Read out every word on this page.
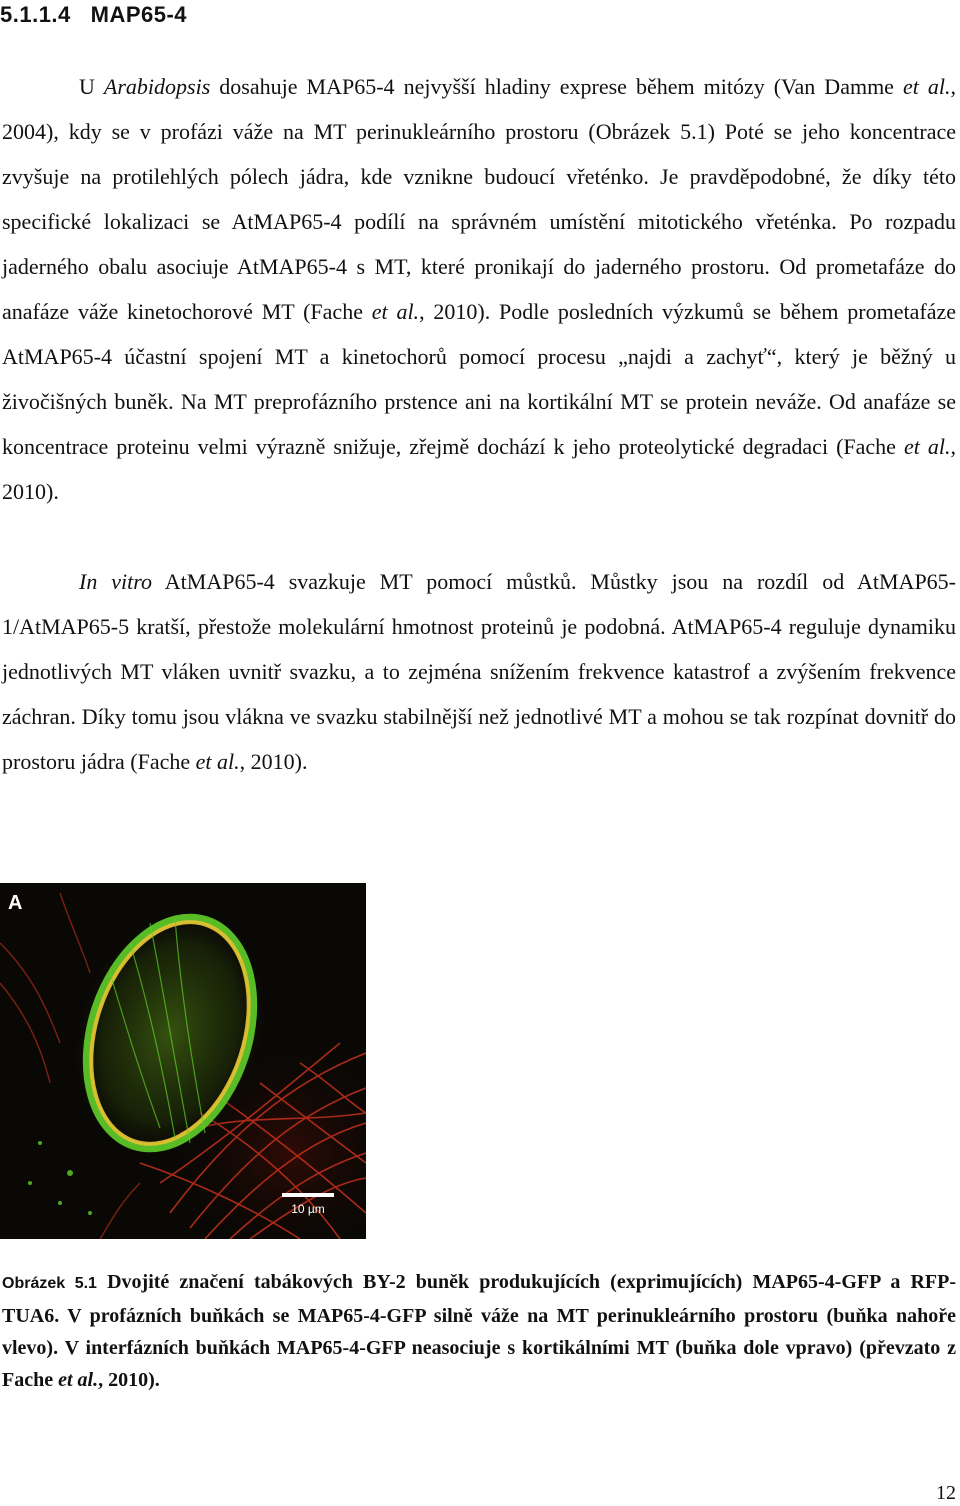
5.1.1.4 MAP65-4
U Arabidopsis dosahuje MAP65-4 nejvyšší hladiny exprese během mitózy (Van Damme et al., 2004), kdy se v profázi váže na MT perinukleárního prostoru (Obrázek 5.1) Poté se jeho koncentrace zvyšuje na protilehlých pólech jádra, kde vznikne budoucí vřeténko. Je pravděpodobné, že díky této specifické lokalizaci se AtMAP65-4 podílí na správném umístění mitotického vřeténka. Po rozpadu jaderného obalu asociuje AtMAP65-4 s MT, které pronikají do jaderného prostoru. Od prometafáze do anafáze váže kinetochorové MT (Fache et al., 2010). Podle posledních výzkumů se během prometafáze AtMAP65-4 účastní spojení MT a kinetochorů pomocí procesu „najdi a zachyť“, který je běžný u živočišných buněk. Na MT preprofázního prstence ani na kortikální MT se protein neváže. Od anafáze se koncentrace proteinu velmi výrazně snižuje, zřejmě dochází k jeho proteolytické degradaci (Fache et al., 2010).
In vitro AtMAP65-4 svazkuje MT pomocí můstků. Můstky jsou na rozdíl od AtMAP65-1/AtMAP65-5 kratší, přestože molekulární hmotnost proteinů je podobná. AtMAP65-4 reguluje dynamiku jednotlivých MT vláken uvnitř svazku, a to zejména snížením frekvence katastrof a zvýšením frekvence záchran. Díky tomu jsou vlákna ve svazku stabilnější než jednotlivé MT a mohou se tak rozpínat dovnitř do prostoru jádra (Fache et al., 2010).
A
10 µm
Obrázek 5.1 Dvojité značení tabákových BY-2 buněk produkujících (exprimujících) MAP65-4-GFP a RFP-TUA6. V profázních buňkách se MAP65-4-GFP silně váže na MT perinukleárního prostoru (buňka nahoře vlevo). V interfázních buňkách MAP65-4-GFP neasociuje s kortikálními MT (buňka dole vpravo) (převzato z Fache et al., 2010).
12
